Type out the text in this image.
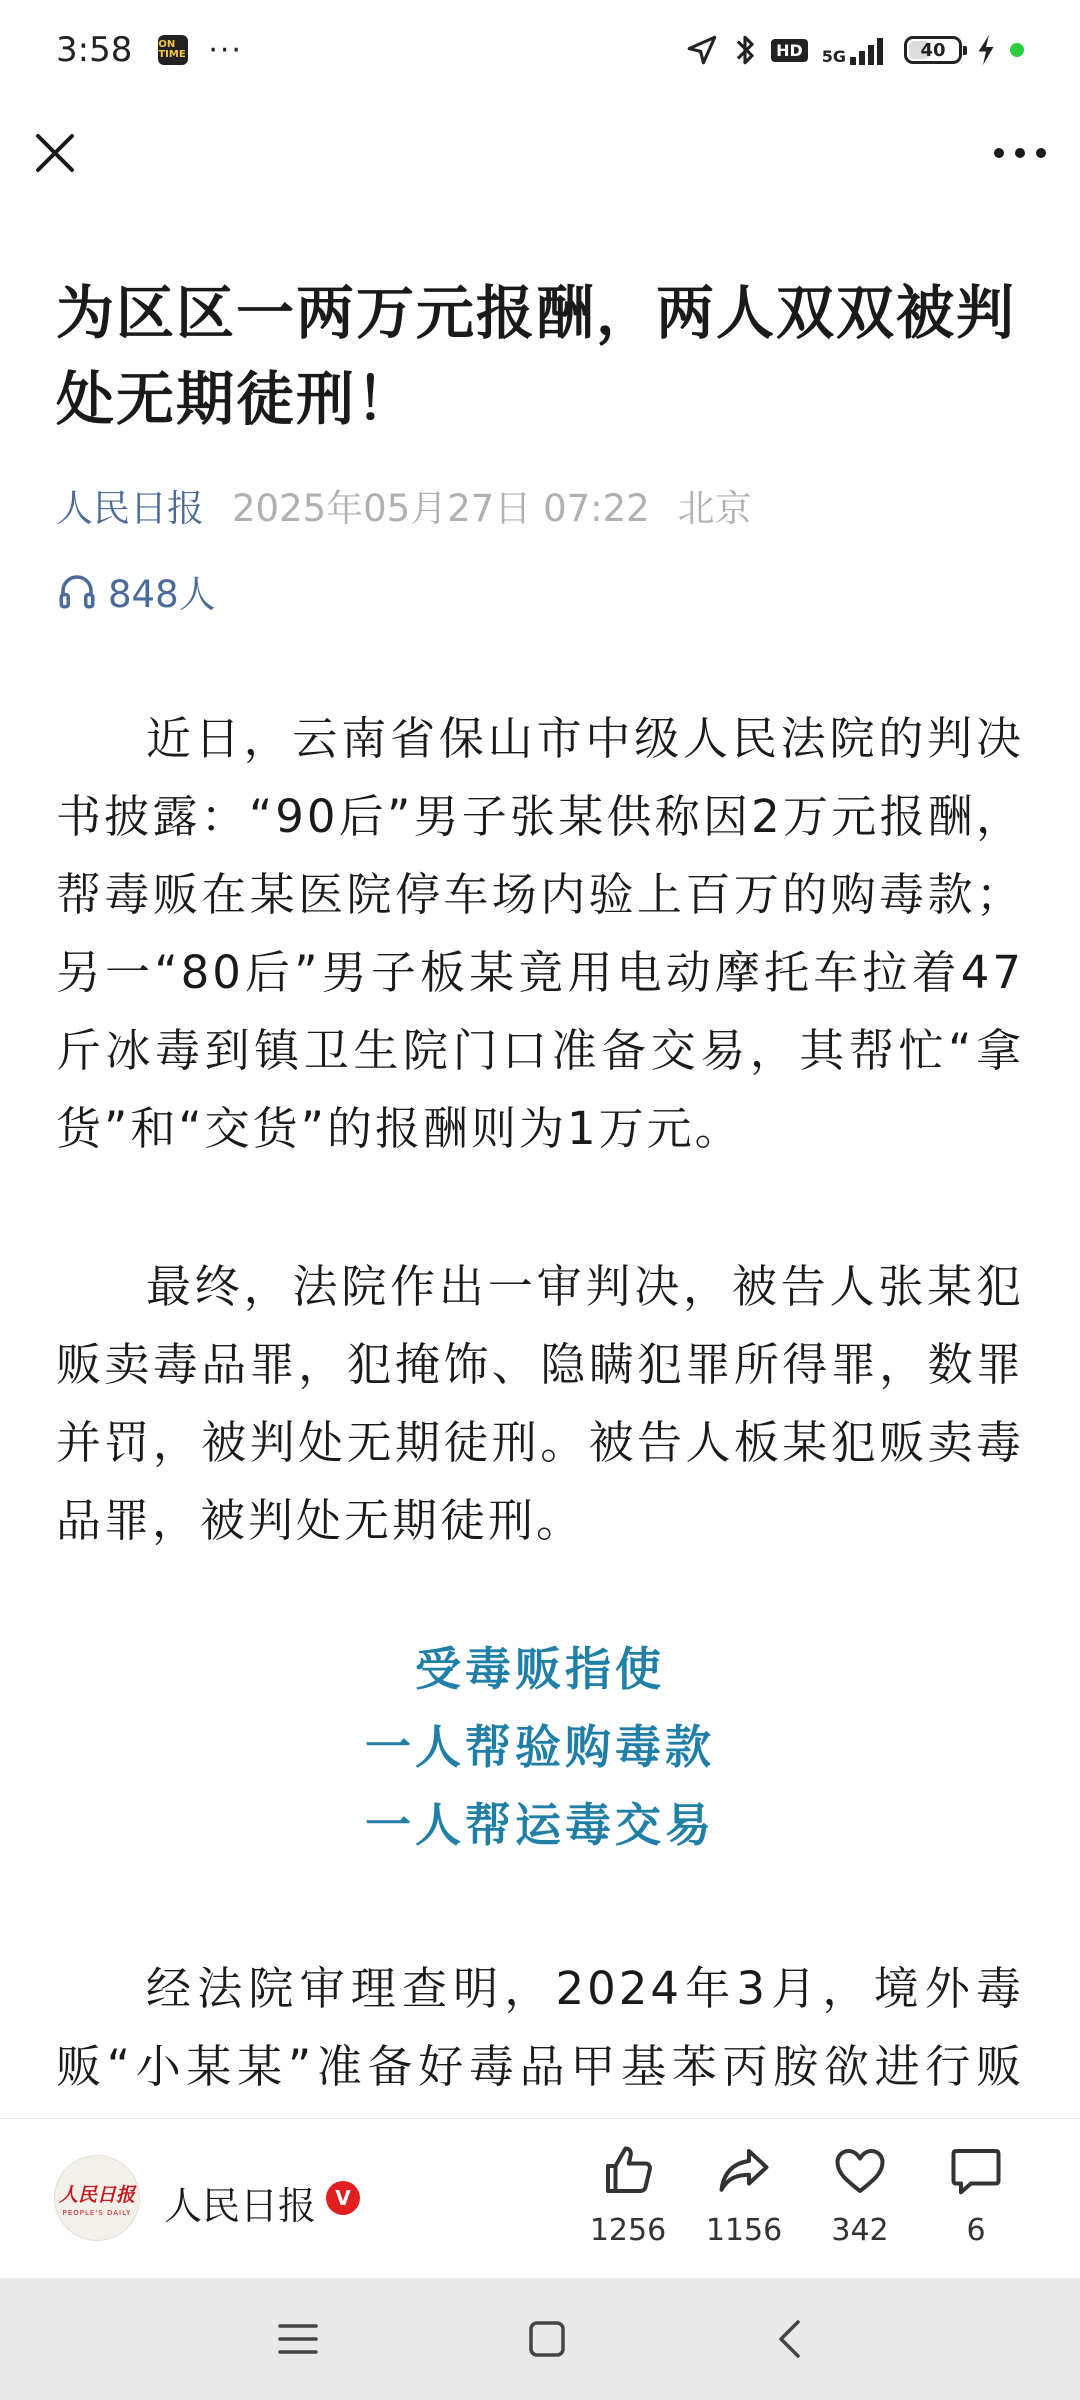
3:58	ON TIME ···	HD	5G	40
为区区一两万元报酬，两人双双被判处无期徒刑！
人民日报 2025年05月27日 07:22 北京
848人

近日，云南省保山市中级人民法院的判决书披露：“90后”男子张某供称因2万元报酬，帮毒贩在某医院停车场内验上百万的购毒款；另一“80后”男子板某竟用电动摩托车拉着47斤冰毒到镇卫生院门口准备交易，其帮忙“拿货”和“交货”的报酬则为1万元。

最终，法院作出一审判决，被告人张某犯贩卖毒品罪，犯掩饰、隐瞒犯罪所得罪，数罪并罚，被判处无期徒刑。被告人板某犯贩卖毒品罪，被判处无期徒刑。

受毒贩指使
一人帮验购毒款
一人帮运毒交易

经法院审理查明，2024年3月，境外毒贩“小某某”准备好毒品甲基苯丙胺欲进行贩

人民日报
PEOPLE'S DAILY 人民日报 V
1256	1156	342	6
